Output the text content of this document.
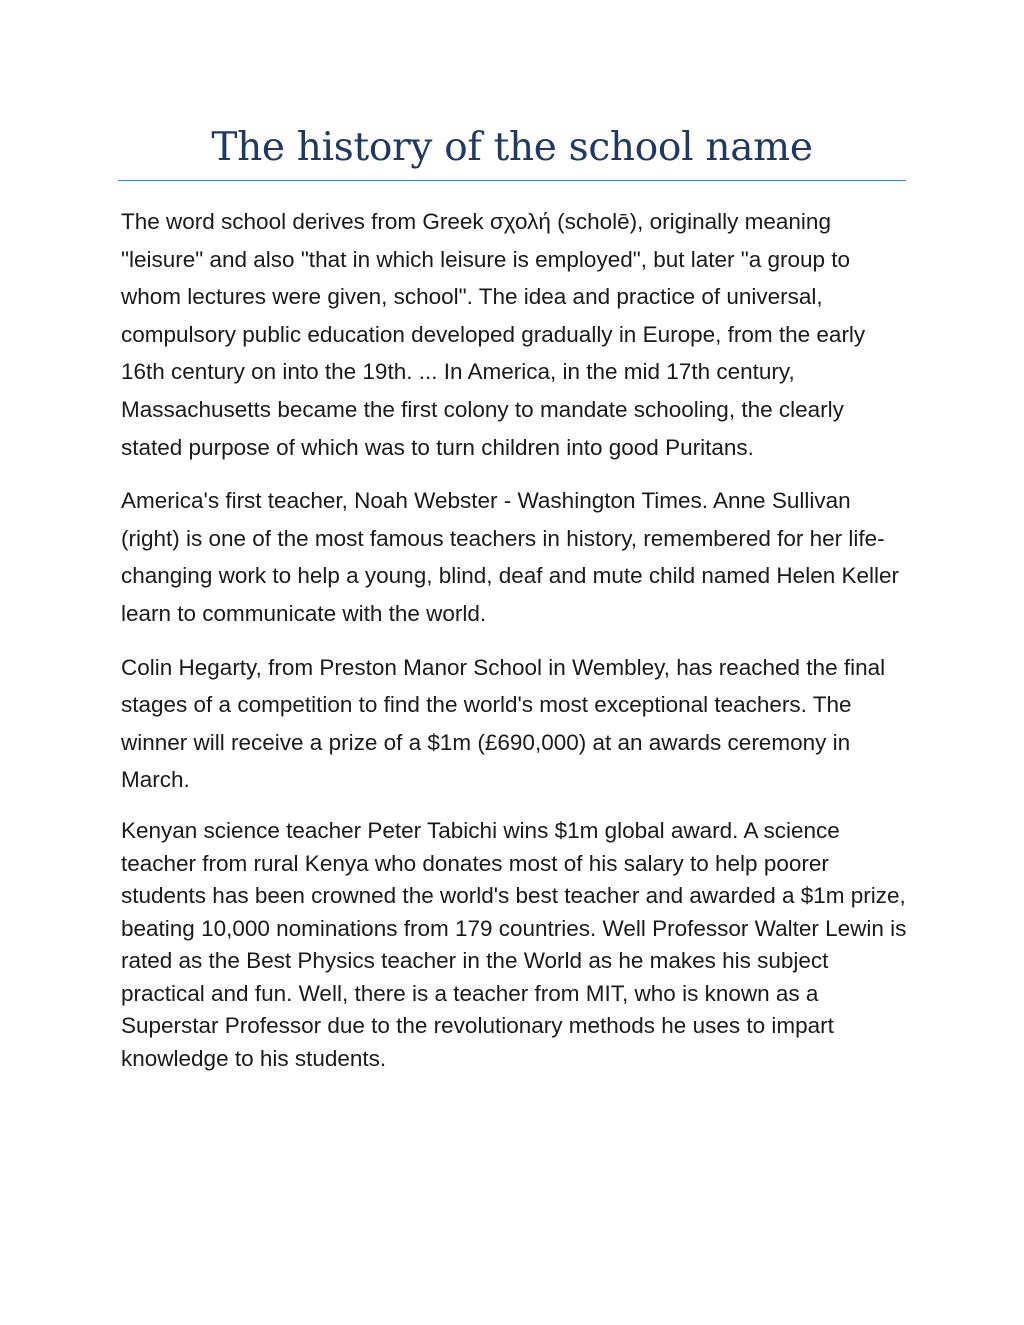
The history of the school name

The word school derives from Greek σχολή (scholē), originally meaning "leisure" and also "that in which leisure is employed", but later "a group to whom lectures were given, school". The idea and practice of universal, compulsory public education developed gradually in Europe, from the early 16th century on into the 19th. ... In America, in the mid 17th century, Massachusetts became the first colony to mandate schooling, the clearly stated purpose of which was to turn children into good Puritans.

America's first teacher, Noah Webster - Washington Times. Anne Sullivan (right) is one of the most famous teachers in history, remembered for her life-changing work to help a young, blind, deaf and mute child named Helen Keller learn to communicate with the world.

Colin Hegarty, from Preston Manor School in Wembley, has reached the final stages of a competition to find the world's most exceptional teachers. The winner will receive a prize of a $1m (£690,000) at an awards ceremony in March.

Kenyan science teacher Peter Tabichi wins $1m global award. A science teacher from rural Kenya who donates most of his salary to help poorer students has been crowned the world's best teacher and awarded a $1m prize, beating 10,000 nominations from 179 countries. Well Professor Walter Lewin is rated as the Best Physics teacher in the World as he makes his subject practical and fun. Well, there is a teacher from MIT, who is known as a Superstar Professor due to the revolutionary methods he uses to impart knowledge to his students.
